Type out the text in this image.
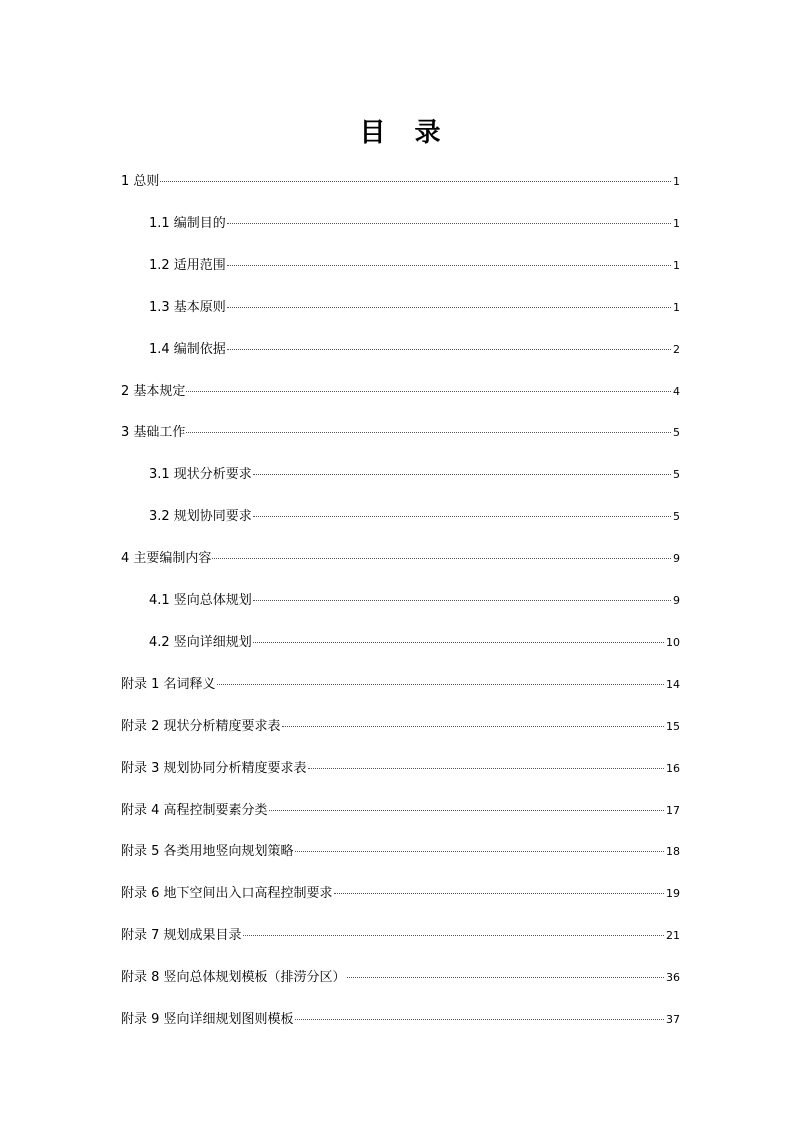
目 录
1 总则	1
1.1 编制目的	1
1.2 适用范围	1
1.3 基本原则	1
1.4 编制依据	2
2 基本规定	4
3 基础工作	5
3.1 现状分析要求	5
3.2 规划协同要求	5
4 主要编制内容	9
4.1 竖向总体规划	9
4.2 竖向详细规划	10
附录 1 名词释义	14
附录 2 现状分析精度要求表	15
附录 3 规划协同分析精度要求表	16
附录 4 高程控制要素分类	17
附录 5 各类用地竖向规划策略	18
附录 6 地下空间出入口高程控制要求	19
附录 7 规划成果目录	21
附录 8 竖向总体规划模板（排涝分区）	36
附录 9 竖向详细规划图则模板	37
